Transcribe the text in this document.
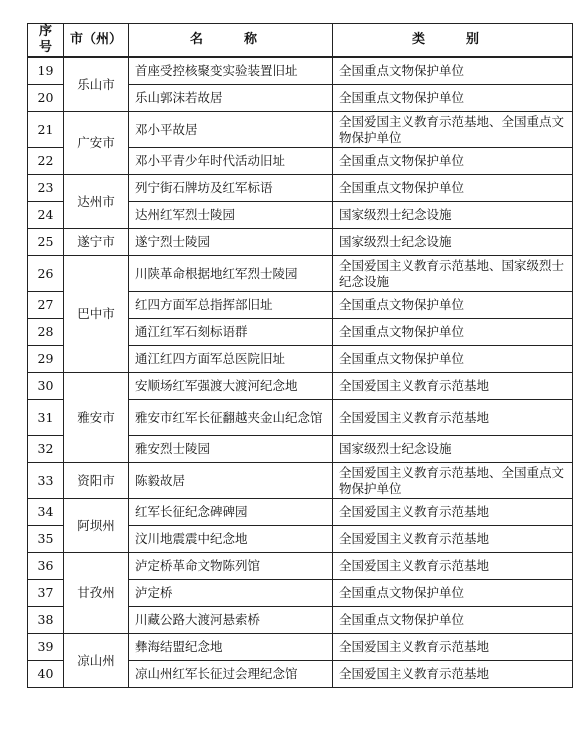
序号	市（州）	名　称	类　别
19	乐山市	首座受控核聚变实验装置旧址	全国重点文物保护单位
20		乐山郭沫若故居	全国重点文物保护单位
21	广安市	邓小平故居	全国爱国主义教育示范基地、全国重点文物保护单位
22		邓小平青少年时代活动旧址	全国重点文物保护单位
23	达州市	列宁街石牌坊及红军标语	全国重点文物保护单位
24		达州红军烈士陵园	国家级烈士纪念设施
25	遂宁市	遂宁烈士陵园	国家级烈士纪念设施
26	巴中市	川陕革命根据地红军烈士陵园	全国爱国主义教育示范基地、国家级烈士纪念设施
27		红四方面军总指挥部旧址	全国重点文物保护单位
28		通江红军石刻标语群	全国重点文物保护单位
29		通江红四方面军总医院旧址	全国重点文物保护单位
30	雅安市	安顺场红军强渡大渡河纪念地	全国爱国主义教育示范基地
31		雅安市红军长征翻越夹金山纪念馆	全国爱国主义教育示范基地
32		雅安烈士陵园	国家级烈士纪念设施
33	资阳市	陈毅故居	全国爱国主义教育示范基地、全国重点文物保护单位
34	阿坝州	红军长征纪念碑碑园	全国爱国主义教育示范基地
35		汶川地震震中纪念地	全国爱国主义教育示范基地
36	甘孜州	泸定桥革命文物陈列馆	全国爱国主义教育示范基地
37		泸定桥	全国重点文物保护单位
38		川藏公路大渡河悬索桥	全国重点文物保护单位
39	凉山州	彝海结盟纪念地	全国爱国主义教育示范基地
40		凉山州红军长征过会理纪念馆	全国爱国主义教育示范基地
